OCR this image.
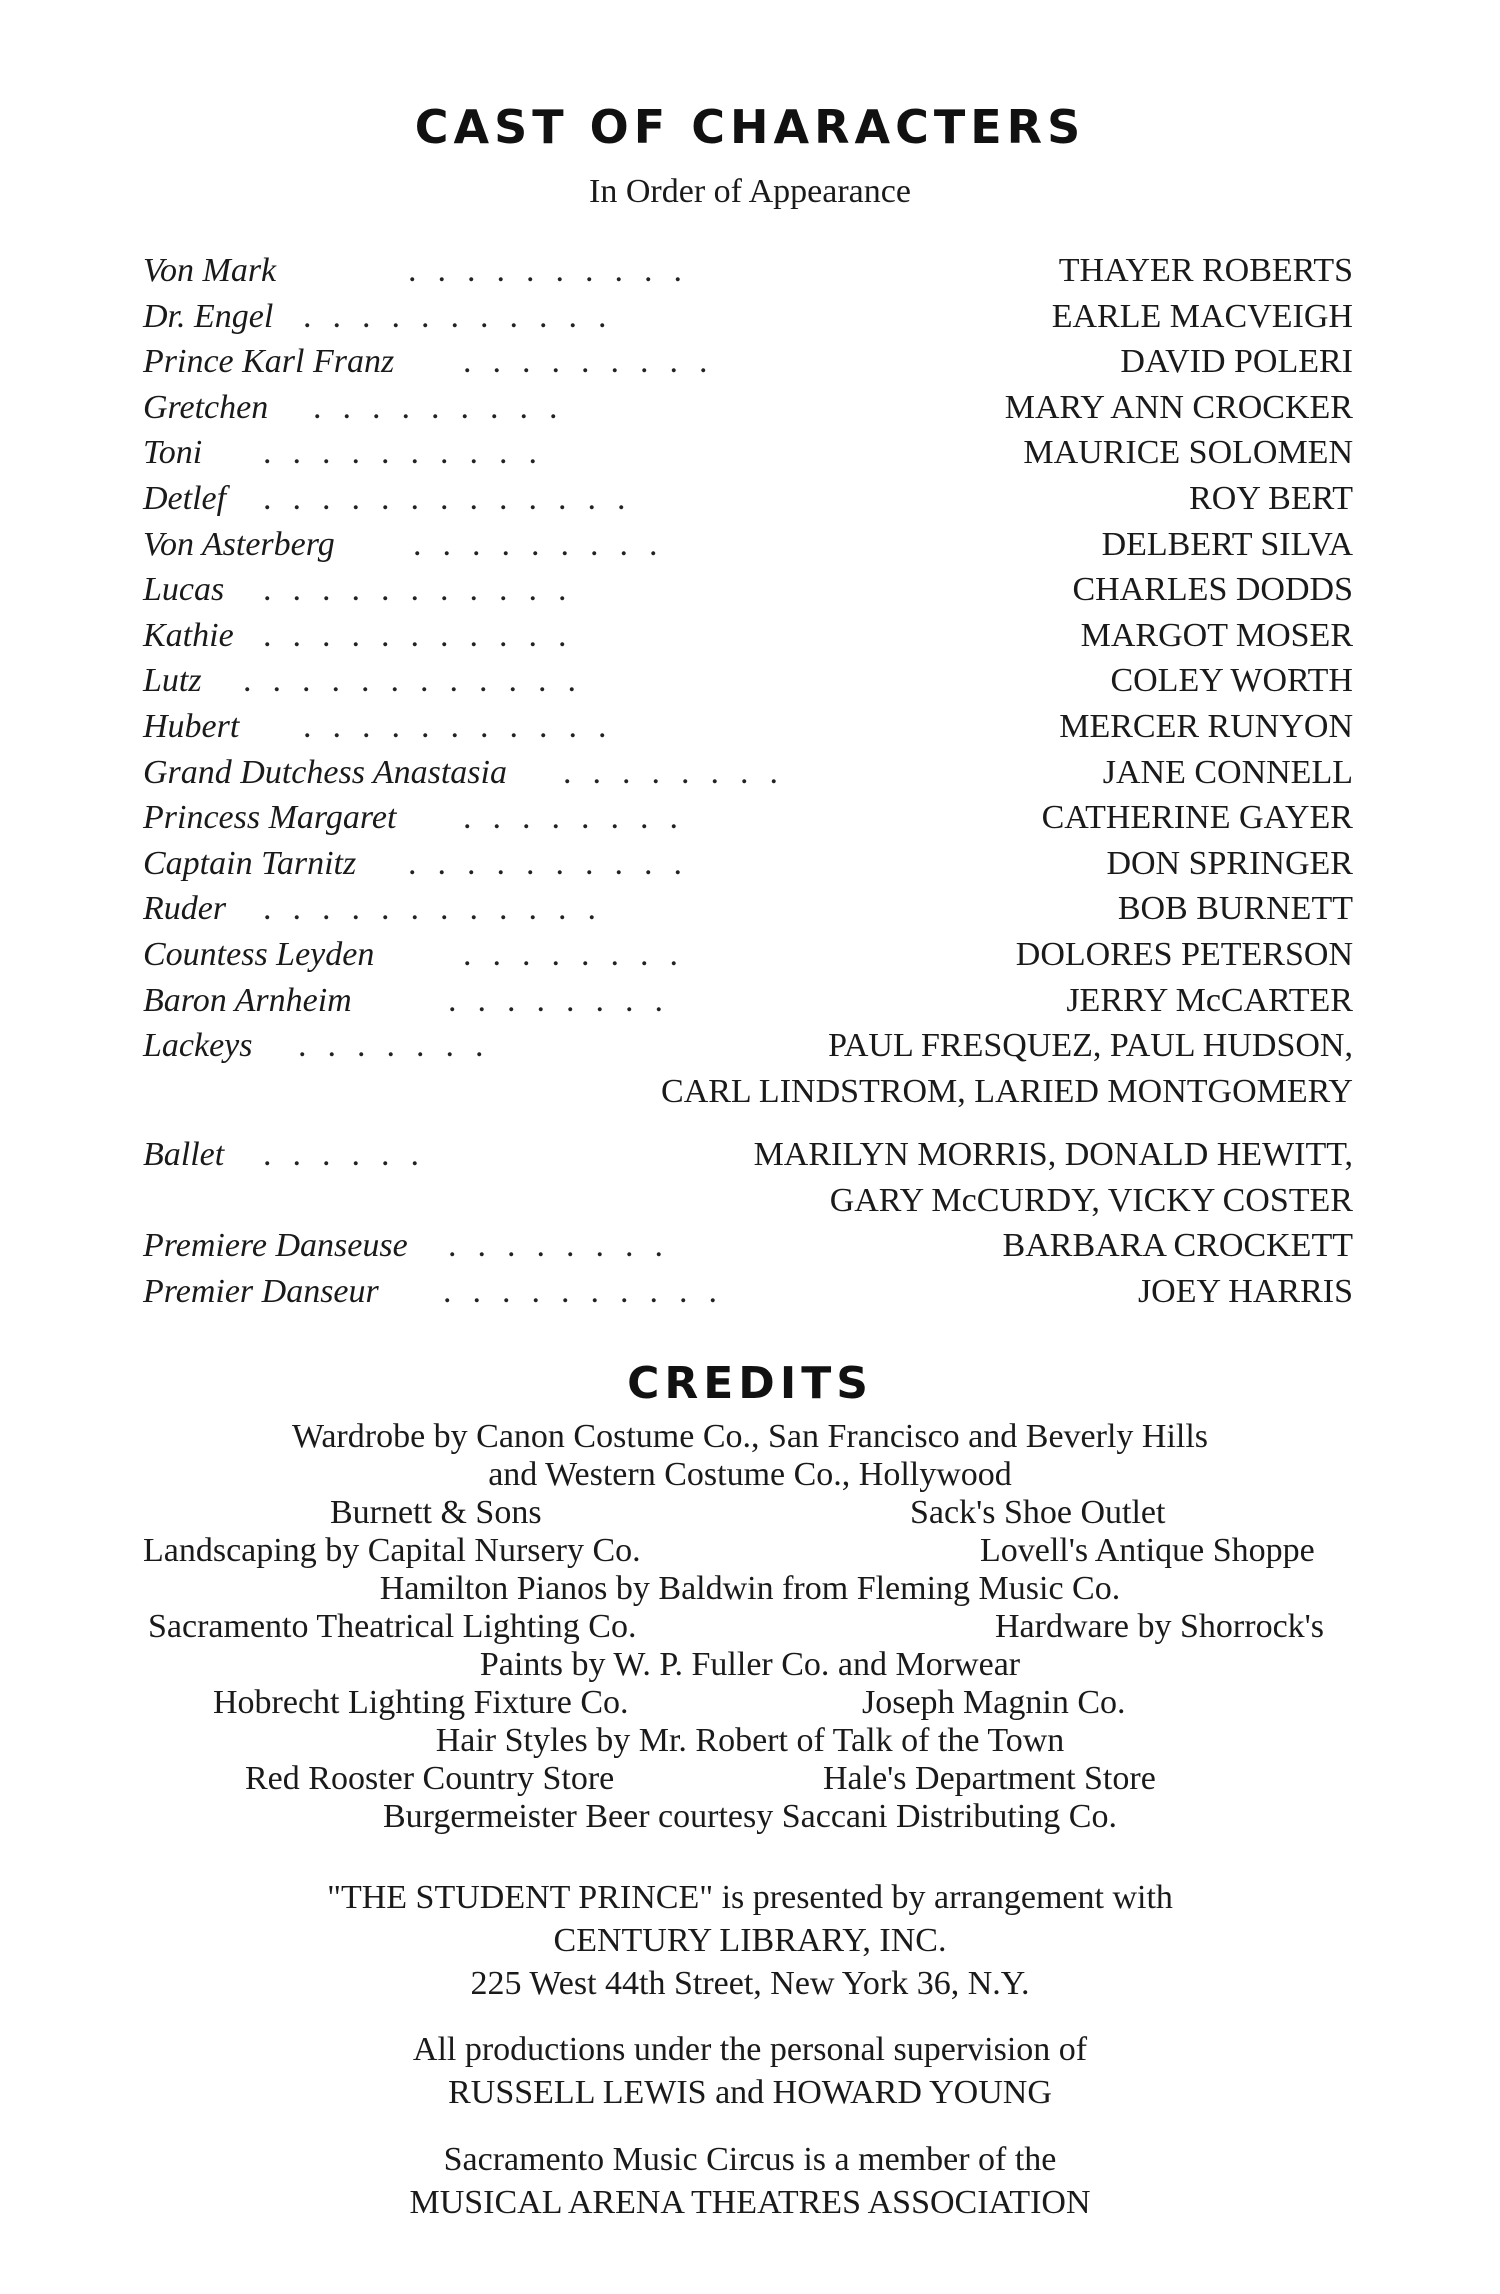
CAST OF CHARACTERS
In Order of Appearance
Von Mark	..........	THAYER ROBERTS
Dr. Engel ...........	EARLE MACVEIGH
Prince Karl Franz .........	DAVID POLERI
Gretchen .........	MARY ANN CROCKER
Toni ..........	MAURICE SOLOMEN
Detlef .............	ROY BERT
Von Asterberg .........	DELBERT SILVA
Lucas ...........	CHARLES DODDS
Kathie ...........	MARGOT MOSER
Lutz ............	COLEY WORTH
Hubert ...........	MERCER RUNYON
Grand Dutchess Anastasia ........	JANE CONNELL
Princess Margaret ........	CATHERINE GAYER
Captain Tarnitz ..........	DON SPRINGER
Ruder ............	BOB BURNETT
Countess Leyden	........	DOLORES PETERSON
Baron Arnheim	........	JERRY McCARTER
Lackeys .......	PAUL FRESQUEZ, PAUL HUDSON,
CARL LINDSTROM, LARIED MONTGOMERY
Ballet ......	MARILYN MORRIS, DONALD HEWITT,
GARY McCURDY, VICKY COSTER
Premiere Danseuse ........	BARBARA CROCKETT
Premier Danseur ..........	JOEY HARRIS
CREDITS
Wardrobe by Canon Costume Co., San Francisco and Beverly Hills
and Western Costume Co., Hollywood
Burnett & Sons	Sack's Shoe Outlet
Landscaping by Capital Nursery Co.	Lovell's Antique Shoppe
Hamilton Pianos by Baldwin from Fleming Music Co.
Sacramento Theatrical Lighting Co.	Hardware by Shorrock's
Paints by W. P. Fuller Co. and Morwear
Hobrecht Lighting Fixture Co.	Joseph Magnin Co.
Hair Styles by Mr. Robert of Talk of the Town
Red Rooster Country Store	Hale's Department Store
Burgermeister Beer courtesy Saccani Distributing Co.
"THE STUDENT PRINCE" is presented by arrangement with
CENTURY LIBRARY, INC.
225 West 44th Street, New York 36, N.Y.
All productions under the personal supervision of
RUSSELL LEWIS and HOWARD YOUNG
Sacramento Music Circus is a member of the
MUSICAL ARENA THEATRES ASSOCIATION
